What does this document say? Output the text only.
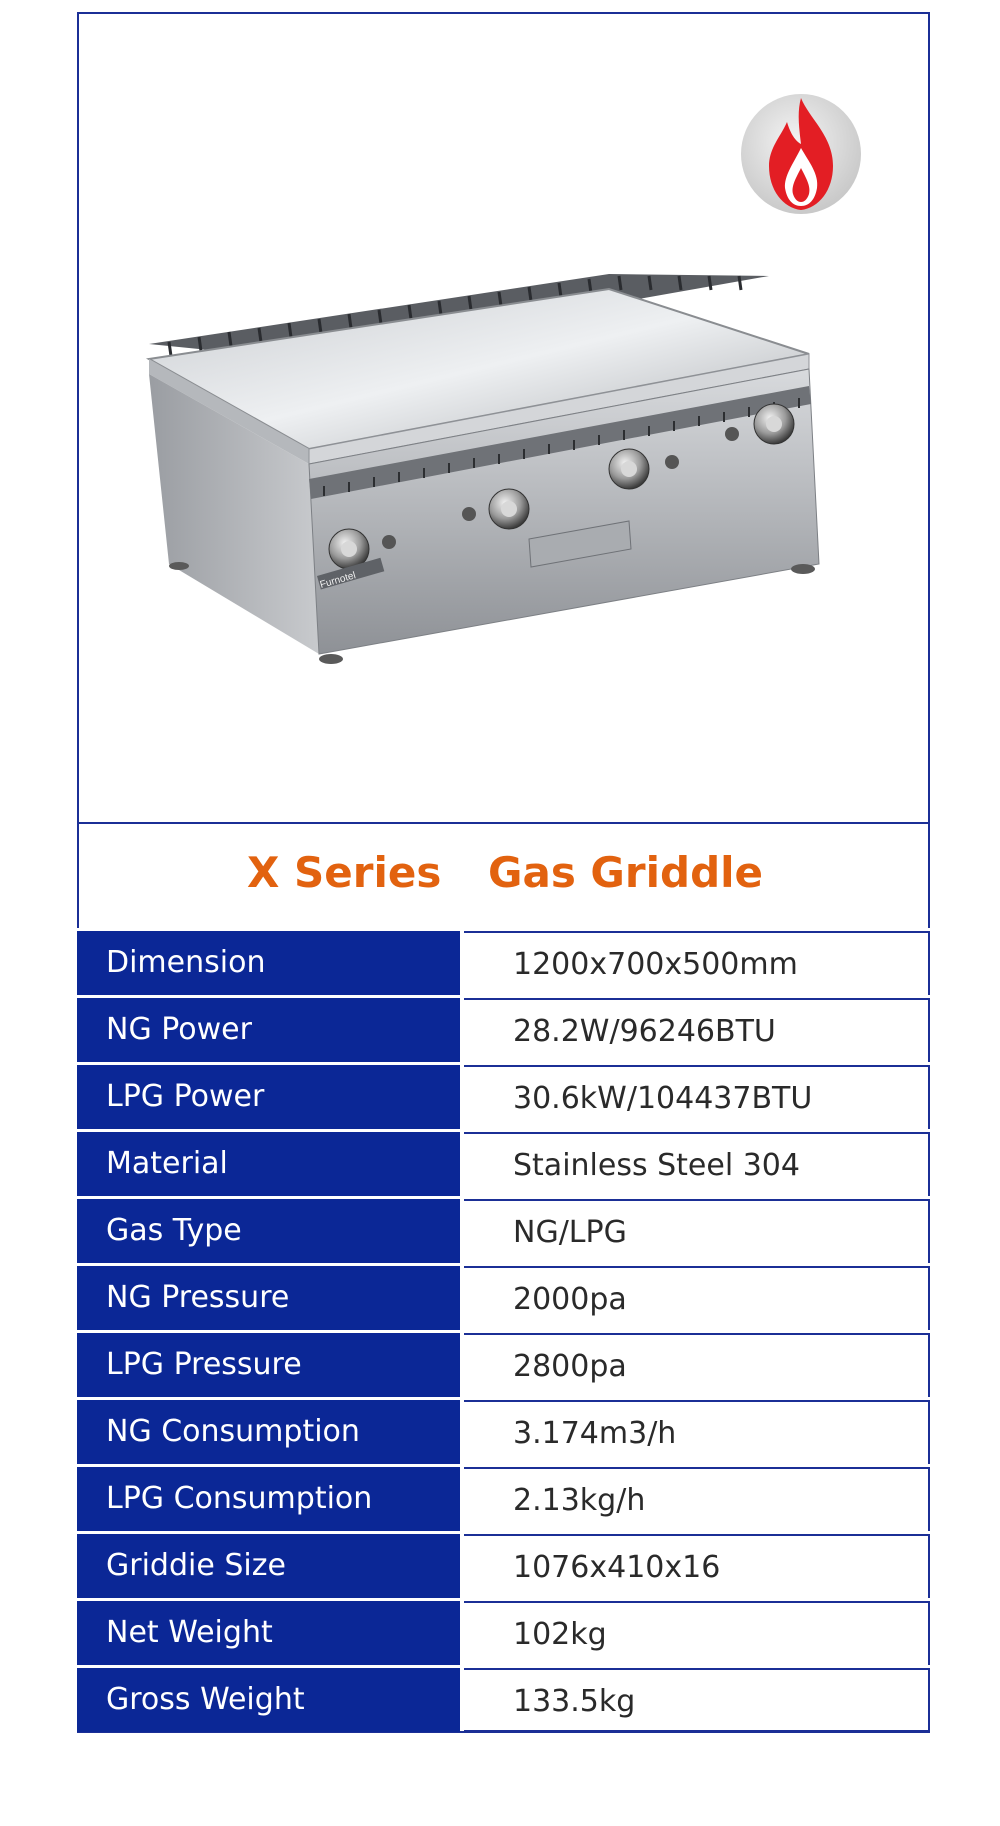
Furnotel
X Series Gas Griddle
Dimension	1200x700x500mm
NG Power	28.2W/96246BTU
LPG Power	30.6kW/104437BTU
Material	Stainless Steel 304
Gas Type	NG/LPG
NG Pressure	2000pa
LPG Pressure	2800pa
NG Consumption	3.174m3/h
LPG Consumption	2.13kg/h
Griddie Size	1076x410x16
Net Weight	102kg
Gross Weight	133.5kg
